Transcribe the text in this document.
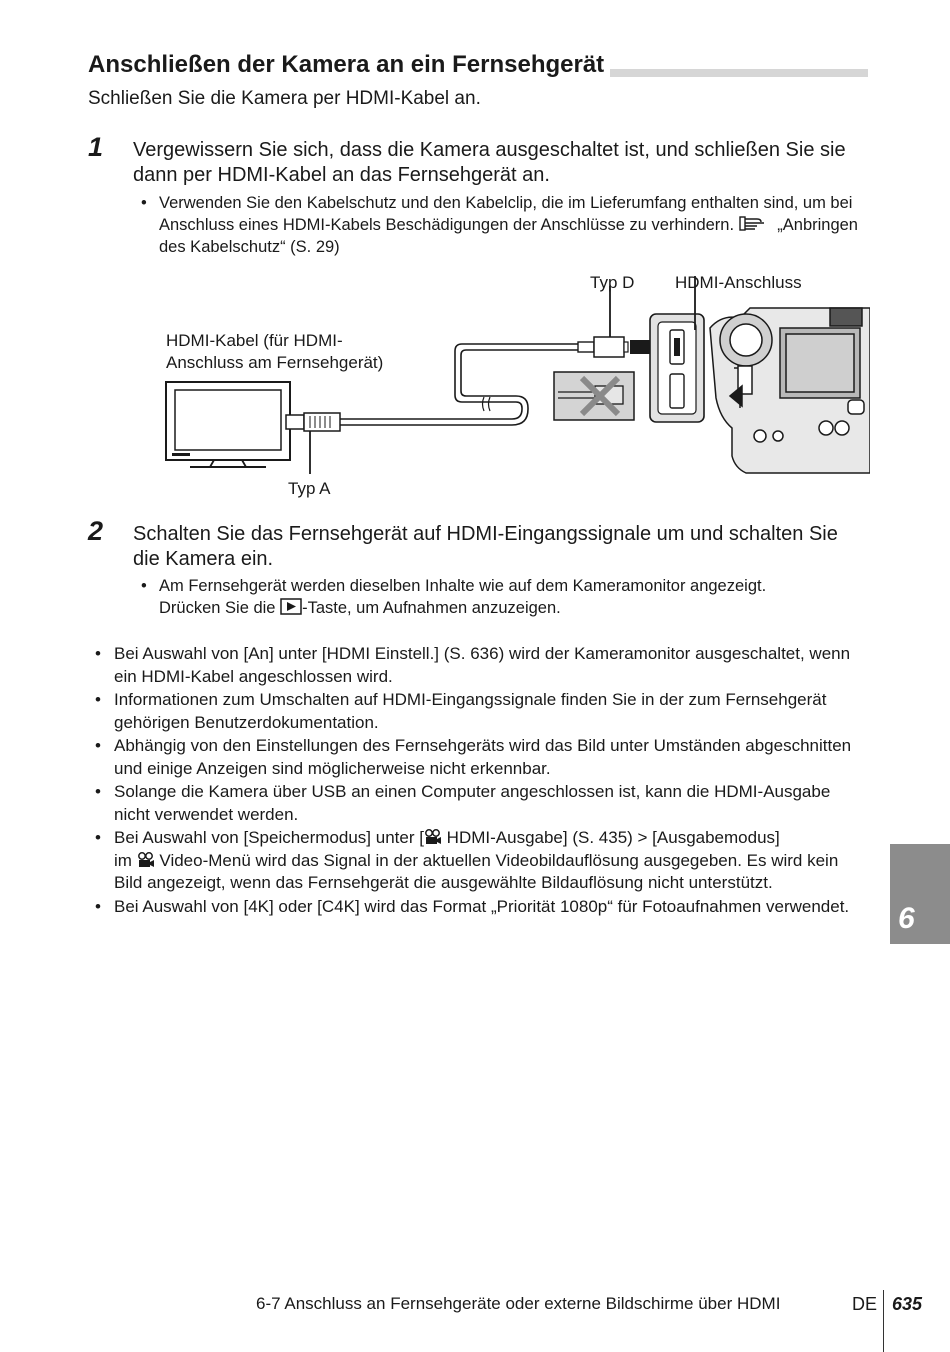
Anschließen der Kamera an ein Fernsehgerät
Schließen Sie die Kamera per HDMI-Kabel an.
1 Vergewissern Sie sich, dass die Kamera ausgeschaltet ist, und schließen Sie sie dann per HDMI-Kabel an das Fernsehgerät an.
• Verwenden Sie den Kabelschutz und den Kabelclip, die im Lieferumfang enthalten sind, um bei Anschluss eines HDMI-Kabels Beschädigungen der Anschlüsse zu verhindern.	„Anbringen des Kabelschutz“ (S. 29)
Typ D HDMI-Anschluss
HDMI-Kabel (für HDMI-
Anschluss am Fernsehgerät)
Typ A
2 Schalten Sie das Fernsehgerät auf HDMI-Eingangssignale um und schalten Sie die Kamera ein.
• Am Fernsehgerät werden dieselben Inhalte wie auf dem Kameramonitor angezeigt.
Drücken Sie die -Taste, um Aufnahmen anzuzeigen.
• Bei Auswahl von [An] unter [HDMI Einstell.] (S. 636) wird der Kameramonitor ausgeschaltet, wenn ein HDMI-Kabel angeschlossen wird.
• Informationen zum Umschalten auf HDMI-Eingangssignale finden Sie in der zum Fernsehgerät gehörigen Benutzerdokumentation.
• Abhängig von den Einstellungen des Fernsehgeräts wird das Bild unter Umständen abgeschnitten und einige Anzeigen sind möglicherweise nicht erkennbar.
• Solange die Kamera über USB an einen Computer angeschlossen ist, kann die HDMI-Ausgabe nicht verwendet werden.
• Bei Auswahl von [Speichermodus] unter [ HDMI-Ausgabe] (S. 435) > [Ausgabemodus]
im  Video-Menü wird das Signal in der aktuellen Videobildauflösung ausgegeben. Es wird kein Bild angezeigt, wenn das Fernsehgerät die ausgewählte Bildauflösung nicht unterstützt.
• Bei Auswahl von [4K] oder [C4K] wird das Format „Priorität 1080p“ für Fotoaufnahmen verwendet.	6
6-7 Anschluss an Fernsehgeräte oder externe Bildschirme über HDMI	DE 635
